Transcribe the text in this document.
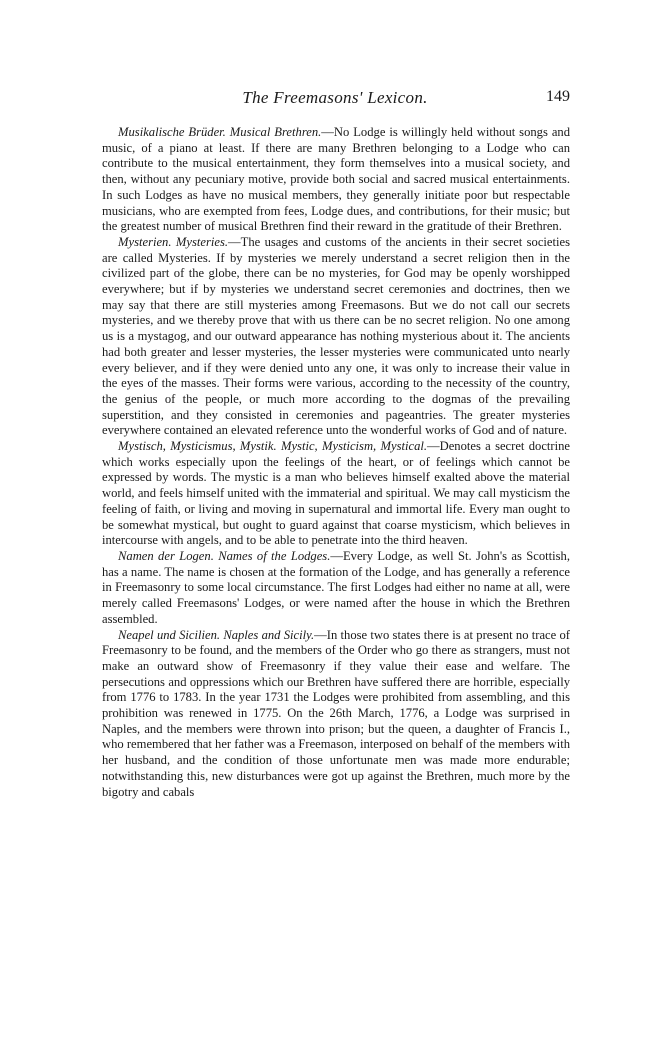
The Freemasons' Lexicon.	149

Musikalische Brüder. Musical Brethren.—No Lodge is willingly held without songs and music, of a piano at least. If there are many Brethren belonging to a Lodge who can contribute to the musical entertainment, they form themselves into a musical society, and then, without any pecuniary motive, provide both social and sacred musical entertainments. In such Lodges as have no musical members, they generally initiate poor but respectable musicians, who are exempted from fees, Lodge dues, and contributions, for their music; but the greatest number of musical Brethren find their reward in the gratitude of their Brethren.

Mysterien. Mysteries.—The usages and customs of the ancients in their secret societies are called Mysteries. If by mysteries we merely understand a secret religion then in the civilized part of the globe, there can be no mysteries, for God may be openly worshipped everywhere; but if by mysteries we understand secret ceremonies and doctrines, then we may say that there are still mysteries among Freemasons. But we do not call our secrets mysteries, and we thereby prove that with us there can be no secret religion. No one among us is a mystagog, and our outward appearance has nothing mysterious about it. The ancients had both greater and lesser mysteries, the lesser mysteries were communicated unto nearly every believer, and if they were denied unto any one, it was only to increase their value in the eyes of the masses. Their forms were various, according to the necessity of the country, the genius of the people, or much more according to the dogmas of the prevailing superstition, and they consisted in ceremonies and pageantries. The greater mysteries everywhere contained an elevated reference unto the wonderful works of God and of nature.

Mystisch, Mysticismus, Mystik. Mystic, Mysticism, Mystical.—Denotes a secret doctrine which works especially upon the feelings of the heart, or of feelings which cannot be expressed by words. The mystic is a man who believes himself exalted above the material world, and feels himself united with the immaterial and spiritual. We may call mysticism the feeling of faith, or living and moving in supernatural and immortal life. Every man ought to be somewhat mystical, but ought to guard against that coarse mysticism, which believes in intercourse with angels, and to be able to penetrate into the third heaven.

Namen der Logen. Names of the Lodges.—Every Lodge, as well St. John's as Scottish, has a name. The name is chosen at the formation of the Lodge, and has generally a reference in Freemasonry to some local circumstance. The first Lodges had either no name at all, were merely called Freemasons' Lodges, or were named after the house in which the Brethren assembled.

Neapel und Sicilien. Naples and Sicily.—In those two states there is at present no trace of Freemasonry to be found, and the members of the Order who go there as strangers, must not make an outward show of Freemasonry if they value their ease and welfare. The persecutions and oppressions which our Brethren have suffered there are horrible, especially from 1776 to 1783. In the year 1731 the Lodges were prohibited from assembling, and this prohibition was renewed in 1775. On the 26th March, 1776, a Lodge was surprised in Naples, and the members were thrown into prison; but the queen, a daughter of Francis I., who remembered that her father was a Freemason, interposed on behalf of the members with her husband, and the condition of those unfortunate men was made more endurable; notwithstanding this, new disturbances were got up against the Brethren, much more by the bigotry and cabals
